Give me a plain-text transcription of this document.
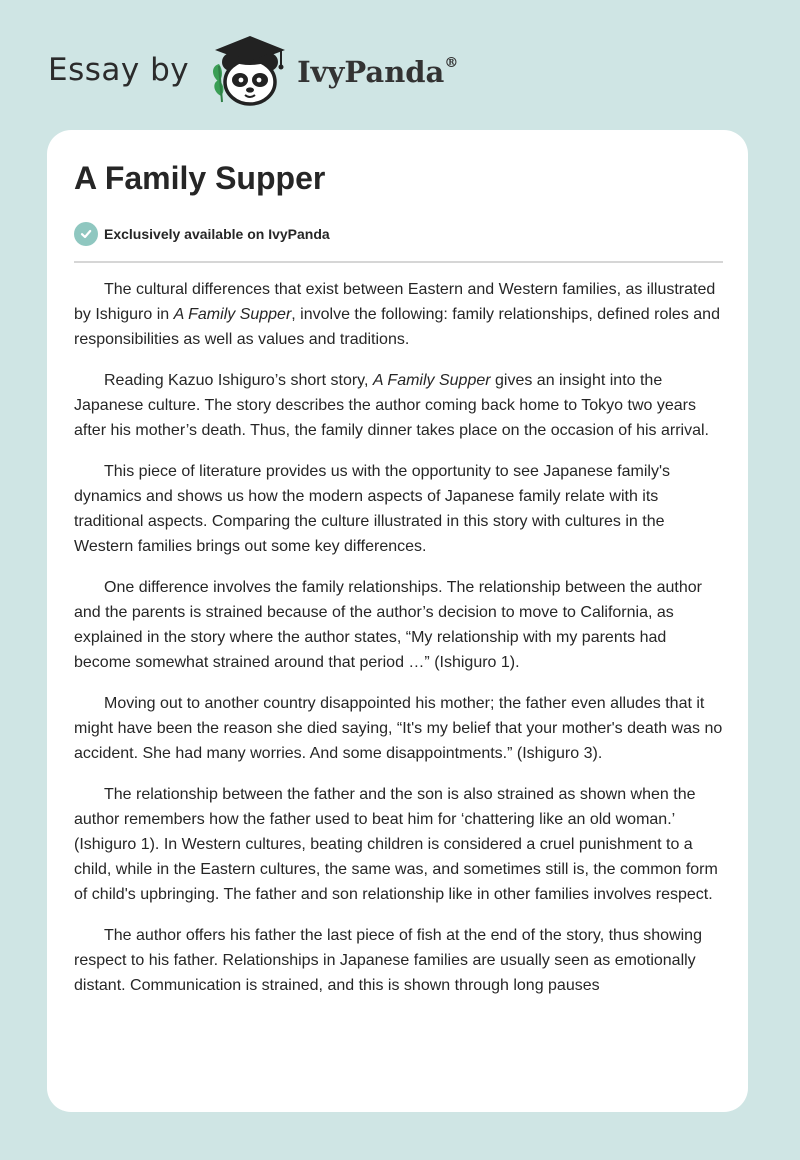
Essay by	IvyPanda®
A Family Supper
Exclusively available on IvyPanda

The cultural differences that exist between Eastern and Western families, as illustrated by Ishiguro in A Family Supper, involve the following: family relationships, defined roles and responsibilities as well as values and traditions.

Reading Kazuo Ishiguro’s short story, A Family Supper gives an insight into the Japanese culture. The story describes the author coming back home to Tokyo two years after his mother’s death. Thus, the family dinner takes place on the occasion of his arrival.

This piece of literature provides us with the opportunity to see Japanese family's dynamics and shows us how the modern aspects of Japanese family relate with its traditional aspects. Comparing the culture illustrated in this story with cultures in the Western families brings out some key differences.

One difference involves the family relationships. The relationship between the author and the parents is strained because of the author’s decision to move to California, as explained in the story where the author states, “My relationship with my parents had become somewhat strained around that period …” (Ishiguro 1).

Moving out to another country disappointed his mother; the father even alludes that it might have been the reason she died saying, “It's my belief that your mother's death was no accident. She had many worries. And some disappointments.” (Ishiguro 3).

The relationship between the father and the son is also strained as shown when the author remembers how the father used to beat him for ‘chattering like an old woman.’ (Ishiguro 1). In Western cultures, beating children is considered a cruel punishment to a child, while in the Eastern cultures, the same was, and sometimes still is, the common form of child's upbringing. The father and son relationship like in other families involves respect.

The author offers his father the last piece of fish at the end of the story, thus showing respect to his father. Relationships in Japanese families are usually seen as emotionally distant. Communication is strained, and this is shown through long pauses
